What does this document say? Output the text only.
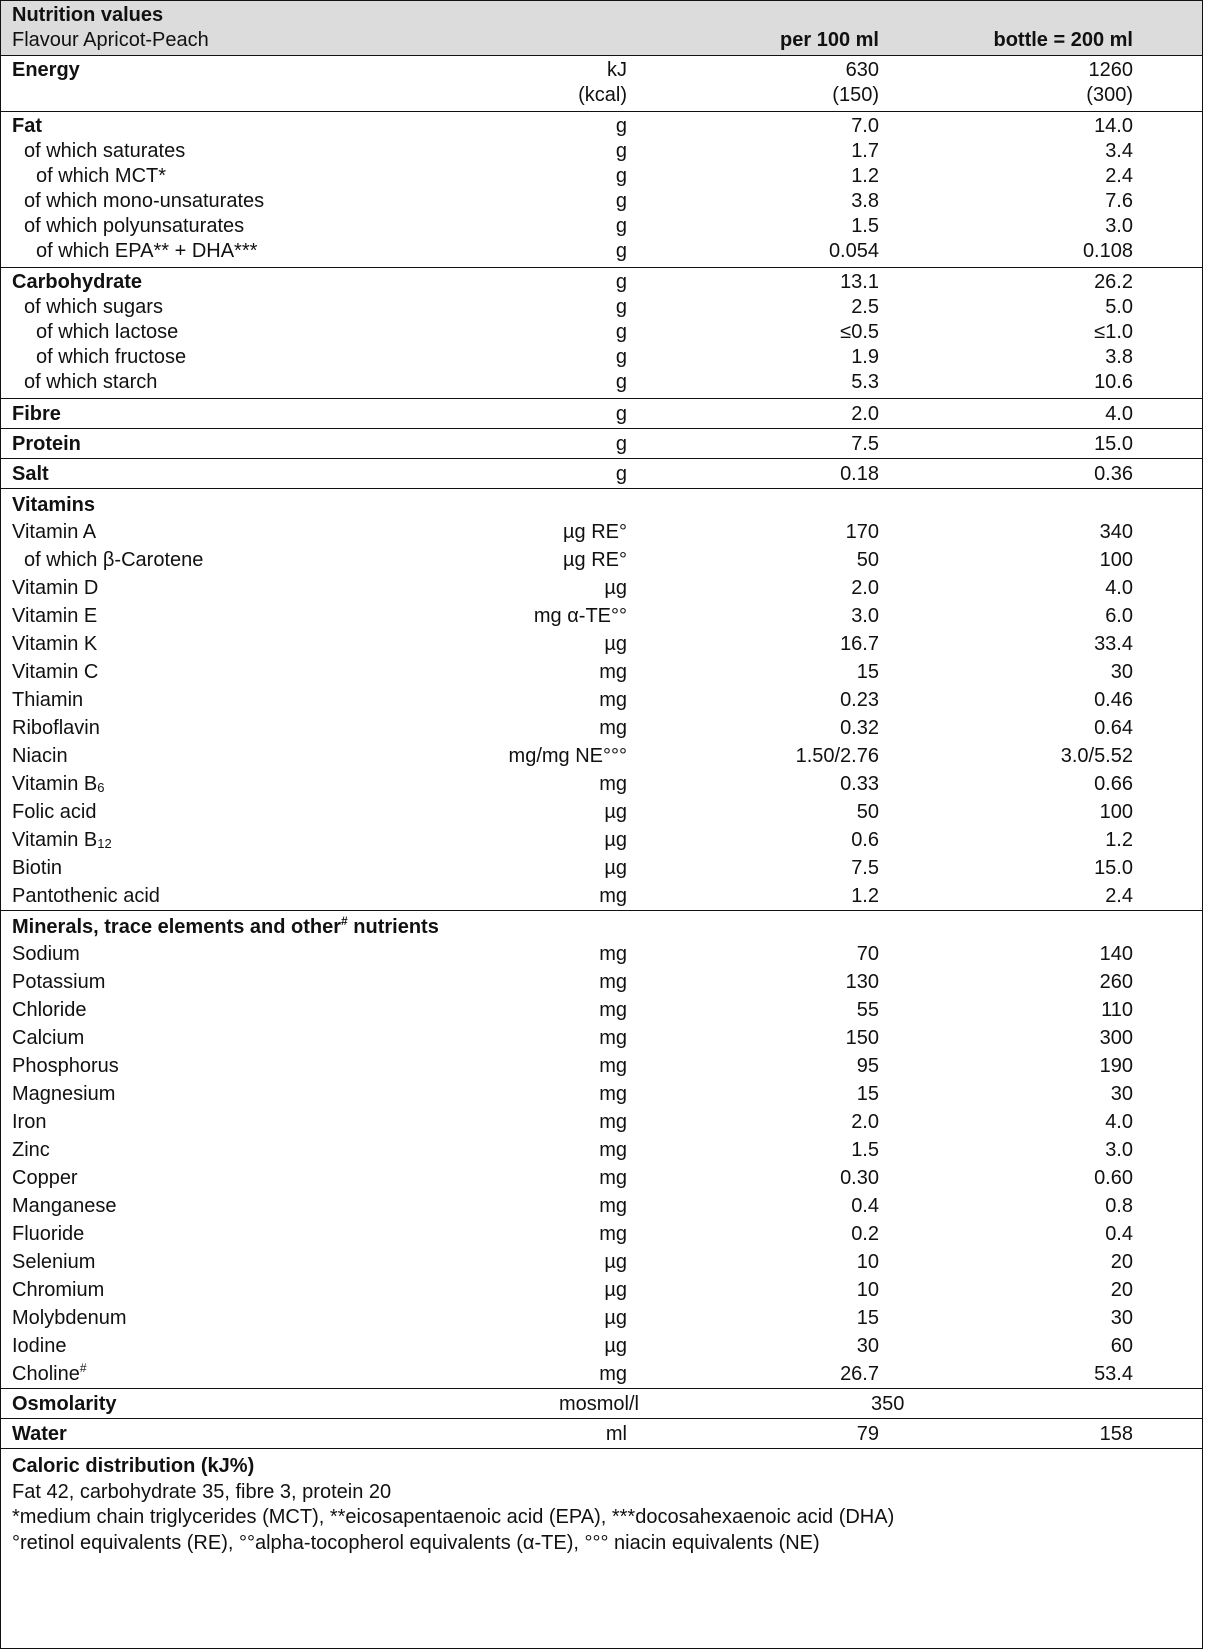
Nutrition values
Flavour Apricot-Peach	per 100 ml	bottle = 200 ml
Energy	kJ	630	1260
(kcal)	(150)	(300)
Fat	g	7.0	14.0
of which saturates	g	1.7	3.4
of which MCT*	g	1.2	2.4
of which mono-unsaturates	g	3.8	7.6
of which polyunsaturates	g	1.5	3.0
of which EPA** + DHA***	g	0.054	0.108
Carbohydrate	g	13.1	26.2
of which sugars	g	2.5	5.0
of which lactose	g	≤0.5	≤1.0
of which fructose	g	1.9	3.8
of which starch	g	5.3	10.6
Fibre	g	2.0	4.0
Protein	g	7.5	15.0
Salt	g	0.18	0.36
Vitamins
Vitamin A	µg RE°	170	340
of which β-Carotene	µg RE°	50	100
Vitamin D	µg	2.0	4.0
Vitamin E	mg α-TE°°	3.0	6.0
Vitamin K	µg	16.7	33.4
Vitamin C	mg	15	30
Thiamin	mg	0.23	0.46
Riboflavin	mg	0.32	0.64
Niacin	mg/mg NE°°°	1.50/2.76	3.0/5.52
Vitamin $B_6$	mg	0.33	0.66
Folic acid	µg	50	100
Vitamin $B_{12}$	µg	0.6	1.2
Biotin	µg	7.5	15.0
Pantothenic acid	mg	1.2	2.4
Minerals, trace elements and other# nutrients
Sodium	mg	70	140
Potassium	mg	130	260
Chloride	mg	55	110
Calcium	mg	150	300
Phosphorus	mg	95	190
Magnesium	mg	15	30
Iron	mg	2.0	4.0
Zinc	mg	1.5	3.0
Copper	mg	0.30	0.60
Manganese	mg	0.4	0.8
Fluoride	mg	0.2	0.4
Selenium	µg	10	20
Chromium	µg	10	20
Molybdenum	µg	15	30
Iodine	µg	30	60
Choline#	mg	26.7	53.4
Osmolarity	mosmol/l	350
Water	ml	79	158
Caloric distribution (kJ%)
Fat 42, carbohydrate 35, fibre 3, protein 20
*medium chain triglycerides (MCT), **eicosapentaenoic acid (EPA), ***docosahexaenoic acid (DHA)
°retinol equivalents (RE), °°alpha-tocopherol equivalents (α-TE), °°° niacin equivalents (NE)
